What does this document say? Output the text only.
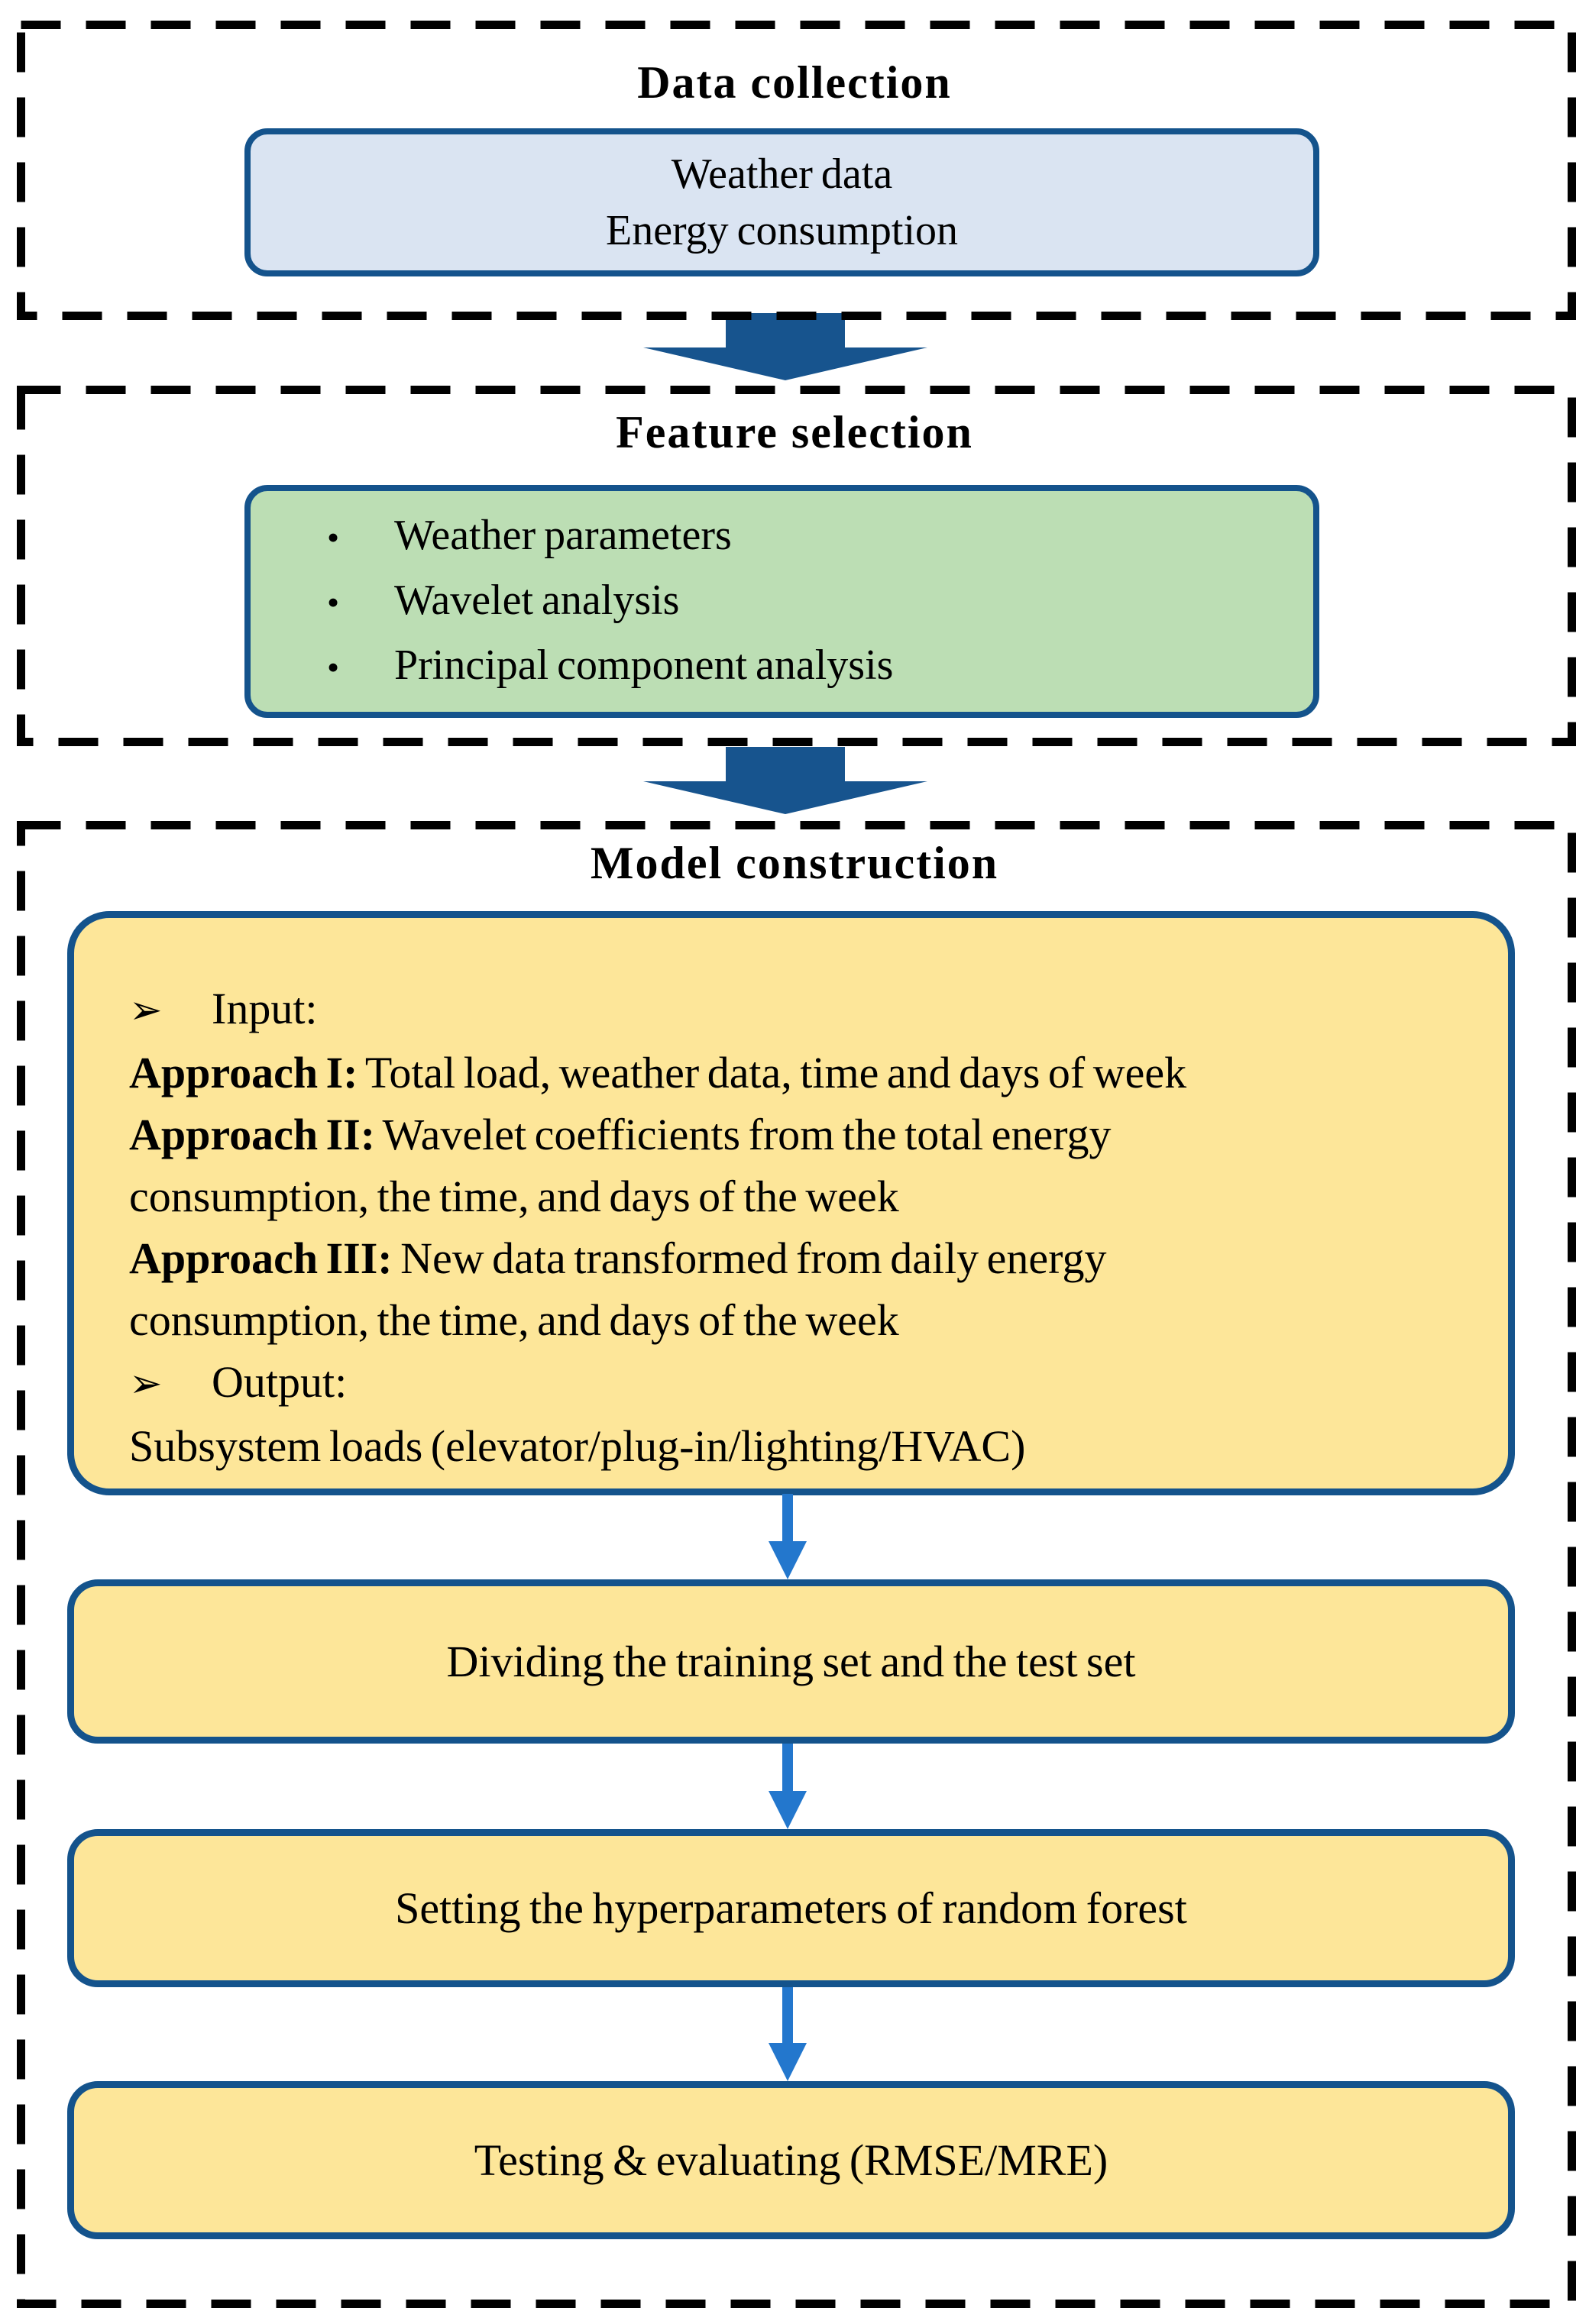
Data collection
Weather data
Energy consumption
Feature selection
•	Weather parameters
•	Wavelet analysis
•	Principal component analysis
Model construction
➢ Input:
Approach I: Total load, weather data, time and days of week
Approach II: Wavelet coefficients from the total energy
consumption, the time, and days of the week
Approach III: New data transformed from daily energy
consumption, the time, and days of the week
➢ Output:
Subsystem loads (elevator/plug-in/lighting/HVAC)
Dividing the training set and the test set
Setting the hyperparameters of random forest
Testing & evaluating (RMSE/MRE)
